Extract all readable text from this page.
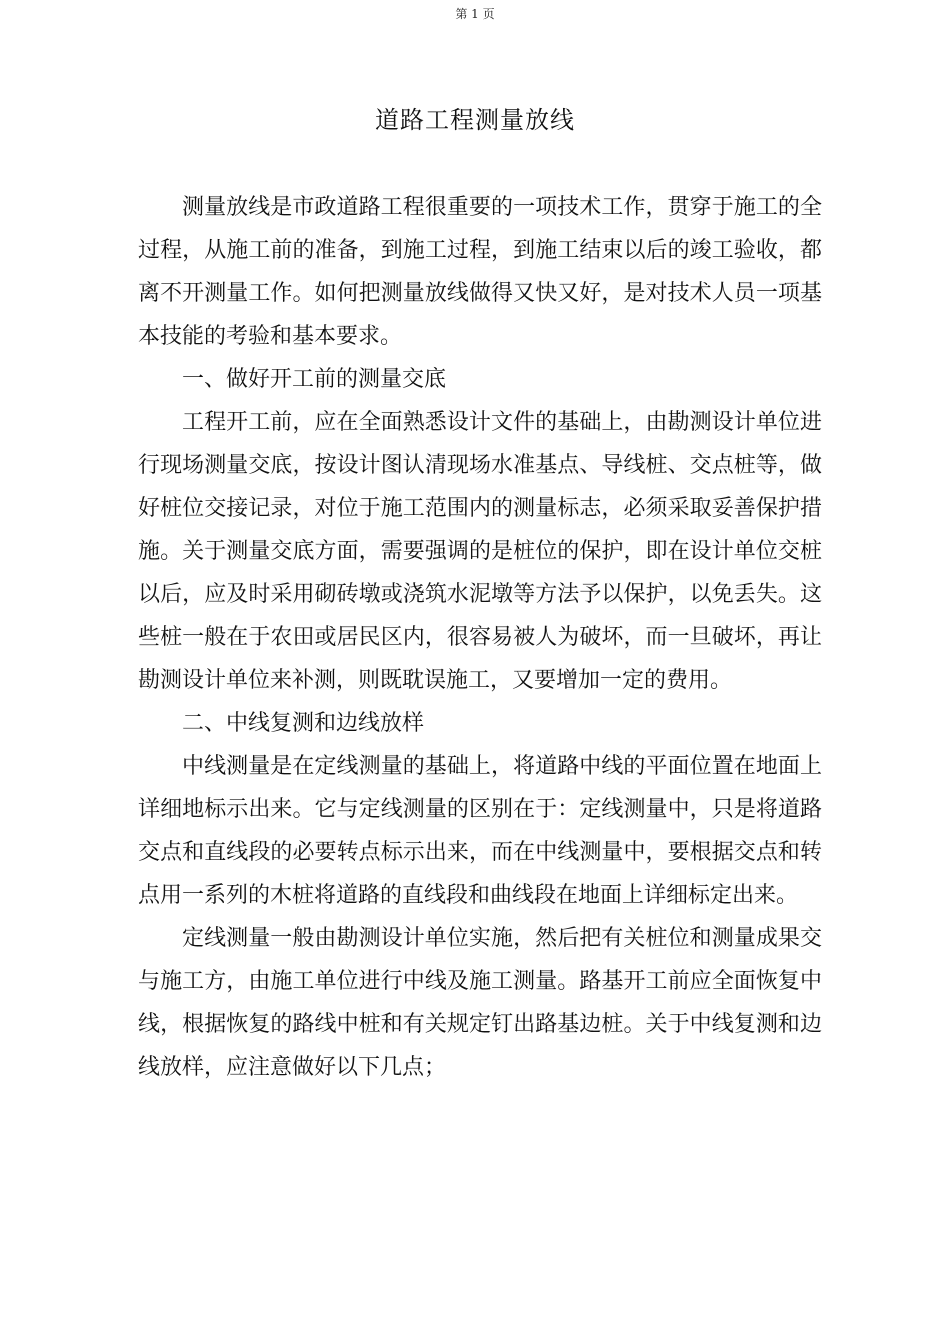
第 1 页
道路工程测量放线

测量放线是市政道路工程很重要的一项技术工作，贯穿于施工的全过程，从施工前的准备，到施工过程，到施工结束以后的竣工验收，都离不开测量工作。如何把测量放线做得又快又好，是对技术人员一项基本技能的考验和基本要求。

一、做好开工前的测量交底

工程开工前，应在全面熟悉设计文件的基础上，由勘测设计单位进行现场测量交底，按设计图认清现场水准基点、导线桩、交点桩等，做好桩位交接记录，对位于施工范围内的测量标志，必须采取妥善保护措施。关于测量交底方面，需要强调的是桩位的保护，即在设计单位交桩以后，应及时采用砌砖墩或浇筑水泥墩等方法予以保护，以免丢失。这些桩一般在于农田或居民区内，很容易被人为破坏，而一旦破坏，再让勘测设计单位来补测，则既耽误施工，又要增加一定的费用。

二、中线复测和边线放样

中线测量是在定线测量的基础上，将道路中线的平面位置在地面上详细地标示出来。它与定线测量的区别在于：定线测量中，只是将道路交点和直线段的必要转点标示出来，而在中线测量中，要根据交点和转点用一系列的木桩将道路的直线段和曲线段在地面上详细标定出来。

定线测量一般由勘测设计单位实施，然后把有关桩位和测量成果交与施工方，由施工单位进行中线及施工测量。路基开工前应全面恢复中线，根据恢复的路线中桩和有关规定钉出路基边桩。关于中线复测和边线放样，应注意做好以下几点；
